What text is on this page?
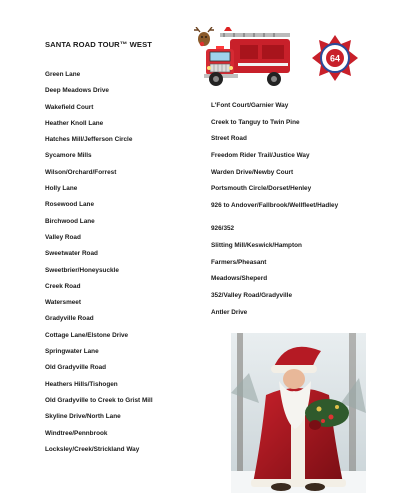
SANTA ROAD TOUR™ WEST
Green Lane
Deep Meadows Drive
Wakefield Court
Heather Knoll Lane
Hatches Mill/Jefferson Circle
Sycamore Mills
Wilson/Orchard/Forrest
Holly Lane
Rosewood Lane
Birchwood Lane
Valley Road
Sweetwater Road
Sweetbrier/Honeysuckle
Creek Road
Watersmeet
Gradyville Road
Cottage Lane/Elstone Drive
Springwater Lane
Old Gradyville Road
Heathers Hills/Tishogen
Old Gradyville to Creek to Grist Mill
Skyline Drive/North Lane
Windtree/Pennbrook
Locksley/Creek/Strickland Way
L'Font Court/Garnier Way
Creek to Tanguy to Twin Pine
Street Road
Freedom Rider Trail/Justice Way
Warden Drive/Newby Court
Portsmouth Circle/Dorset/Henley
926 to Andover/Fallbrook/Wellfleet/Hadley
926/352
Slitting Mill/Keswick/Hampton
Farmers/Pheasant
Meadows/Sheperd
352/Valley Road/Gradyville
Antler Drive
64
